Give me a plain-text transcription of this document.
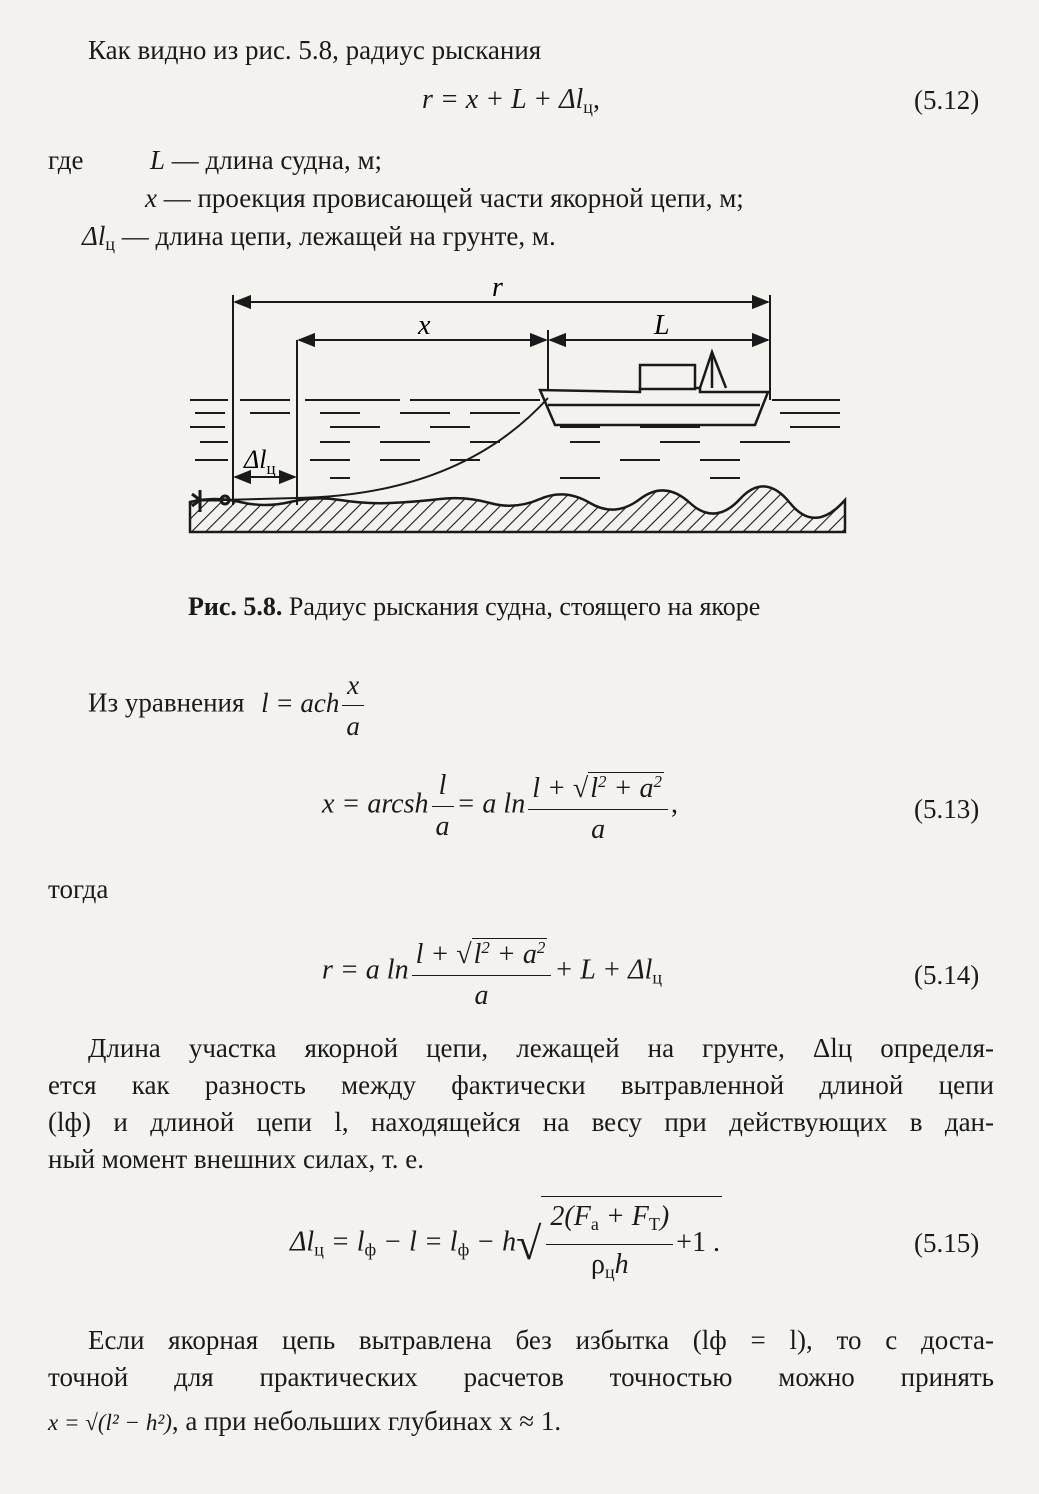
Как видно из рис. 5.8, радиус рыскания
$r = x + L + \Delta l_ц$,	(5.12)
где L — длина судна, м;
x — проекция провисающей части якорной цепи, м;
$\Delta l_ц$ — длина цепи, лежащей на грунте, м.
r
x	L
$\Delta l_ц$
Рис. 5.8. Радиус рыскания судна, стоящего на якоре
Из уравнения l = ach $\frac{x}{a}$
x = arcsh $\frac{l}{a} = a$ $\ln \frac{l + √l^2 + a^2}{a}$ ,	(5.13)
тогда
r = a $\ln \frac{l + √l^2 + a^2}{a} + L + \Delta l_ц$	(5.14)
Длина участка якорной цепи, лежащей на грунте, Δlц определя-
ется как разность между фактически вытравленной длиной цепи
(lф) и длиной цепи l, находящейся на весу при действующих в дан-
ный момент внешних силах, т. е.
$\Delta l_ц = l_ф - l = l_ф - h√ \frac{2(F_a + F_T)}{\rho_цh} +1$ .	(5.15)
Если якорная цепь вытравлена без избытка (lф = l), то с доста-
точной для практических расчетов точностью можно принять
x = √(l² − h²), а при небольших глубинах x ≈ 1.
